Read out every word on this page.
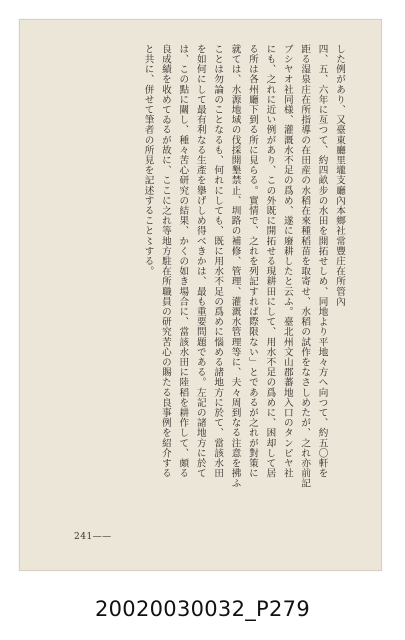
した例があり、又臺東廳里壠支廳內本鄉社常豐庄在所管內
四、五、六年に亙つて、約四畝步の水田を開拓せしめ、同地より平地々方へ向つて、約五〇軒を
距る湿泉庄在所指導の在田産の水稻在來種稻苗を取寄せ、水稻の試作をなさしめたが、之れ亦前記
ブシヤオ社同様、灌溉水不足の爲め、遂に廢耕したと云ふ。臺北州文山郡蕃地入口のタンピヤ社
にも、之れに近い例があり、この外既に開拓せる現耕田にして、用水不足の爲めに、困却して居
る所は各州廳下到る所に見らる。實情で、之れを列記すれば際限ない」とであるが之れが對策に
就ては、水源地域の伐採開墾禁止、圳路の補修、管理、灌溉水管理等に、夫々周到なる注意を拂ふ
ことは勿論のことなるも、何れにしても、既に用水不足の爲めに惱める諸地方に於て、當該水田
を如何にして最有利なる生產を擧げしめ得べきかは、最も重要問題である。左記の諸地方に於て
は、この點に關し、種々苦心研究の結果、かくの如き場合に、當該水田に陸稻を耕作して、頗る
良成績を收めてゐるが故に、ここに之れ等地方駐在所職員の研究苦心の賜たる良事例を紹介する
と共に、併せて筆者の所見を記述すること〻する。
241——
20020030032_P279
